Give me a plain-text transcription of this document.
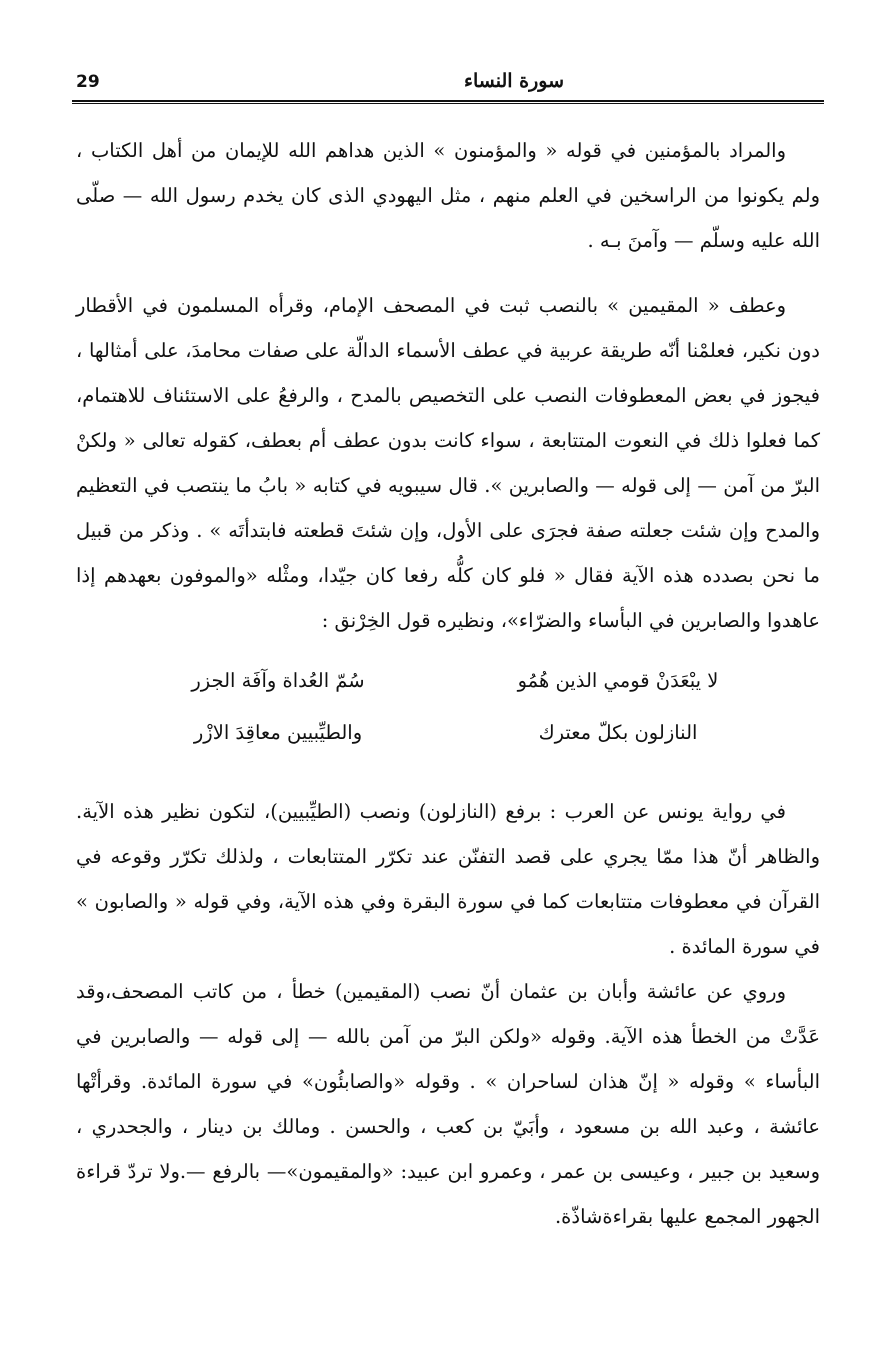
29	سورة النساء

والمراد بالمؤمنين في قوله « والمؤمنون » الذين هداهم الله للإيمان من أهل الكتاب ، ولم يكونوا من الراسخين في العلم منهم ، مثل اليهودي الذى كان يخدم رسول الله — صلّى الله عليه وسلّم — وآمنَ بـه .

وعطف « المقيمين » بالنصب ثبت في المصحف الإمام، وقرأه المسلمون في الأقطار دون نكير، فعلمْنا أنّه طريقة عربية في عطف الأسماء الدالّة على صفات محامدَ، على أمثالها ، فيجوز في بعض المعطوفات النصب على التخصيص بالمدح ، والرفعُ على الاستئناف للاهتمام، كما فعلوا ذلك في النعوت المتتابعة ، سواء كانت بدون عطف أم بعطف، كقوله تعالى « ولكنْ البرّ من آمن — إلى قوله — والصابرين ». قال سيبويه في كتابه « بابُ ما ينتصب في التعظيم والمدح وإن شئت جعلته صفة فجرَى على الأول، وإن شئتَ قطعته فابتدأتَه » . وذكر من قبيل ما نحن بصدده هذه الآية فقال « فلو كان كلُّه رفعا كان جيّدا، ومثْله «والموفون بعهدهم إذا عاهدوا والصابرين في البأساء والضرّاء»، ونظيره قول الخِرْنق :

لا يبْعَدَنْ قومي الذين هُمُو
سُمّ العُداة وآفَة الجزر
النازلون بكلّ معترك
والطيِّبيين معاقِدَ الازْر

في رواية يونس عن العرب : برفع (النازلون) ونصب (الطيِّبيين)، لتكون نظير هذه الآية. والظاهر أنّ هذا ممّا يجري على قصد التفنّن عند تكرّر المتتابعات ، ولذلك تكرّر وقوعه في القرآن في معطوفات متتابعات كما في سورة البقرة وفي هذه الآية، وفي قوله « والصابون » في سورة المائدة .

وروي عن عائشة وأبان بن عثمان أنّ نصب (المقيمين) خطأ ، من كاتب المصحف،وقد عَدَّتْ من الخطأ هذه الآية. وقوله «ولكن البرّ من آمن بالله — إلى قوله — والصابرين في البأساء » وقوله « إنّ هذان لساحران » . وقوله «والصابئُون» في سورة المائدة. وقرأتْها عائشة ، وعبد الله بن مسعود ، وأبَيّ بن كعب ، والحسن . ومالك بن دينار ، والجحدري ، وسعيد بن جبير ، وعيسى بن عمر ، وعمرو ابن عبيد: «والمقيمون»— بالرفع —.ولا تردّ قراءة الجهور المجمع عليها بقراءةشاذّة.
